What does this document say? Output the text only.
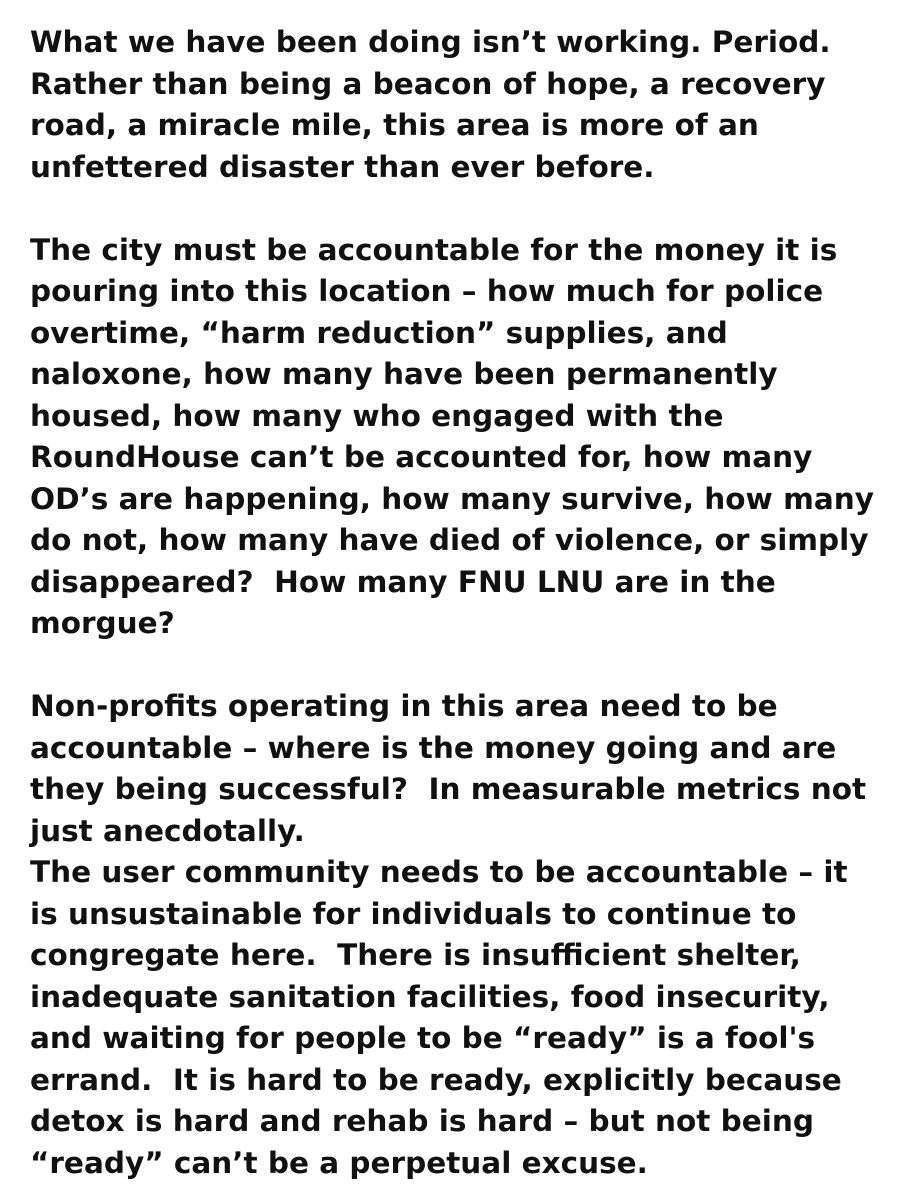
What we have been doing isn’t working. Period.
Rather than being a beacon of hope, a recovery
road, a miracle mile, this area is more of an
unfettered disaster than ever before.
The city must be accountable for the money it is
pouring into this location – how much for police
overtime, “harm reduction” supplies, and
naloxone, how many have been permanently
housed, how many who engaged with the
RoundHouse can’t be accounted for, how many
OD’s are happening, how many survive, how many
do not, how many have died of violence, or simply
disappeared?  How many FNU LNU are in the
morgue?
Non-profits operating in this area need to be
accountable – where is the money going and are
they being successful?  In measurable metrics not
just anecdotally.
The user community needs to be accountable – it
is unsustainable for individuals to continue to
congregate here.  There is insufficient shelter,
inadequate sanitation facilities, food insecurity,
and waiting for people to be “ready” is a fool's
errand.  It is hard to be ready, explicitly because
detox is hard and rehab is hard – but not being
“ready” can’t be a perpetual excuse.
